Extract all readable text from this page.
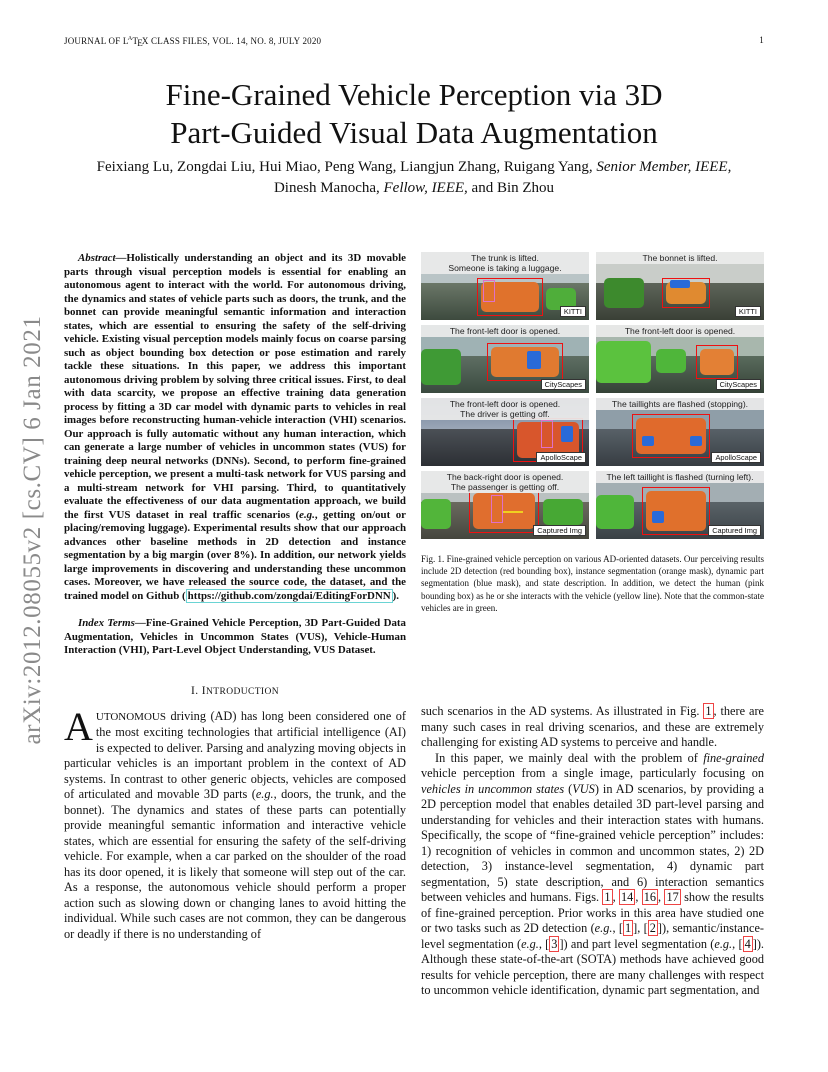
JOURNAL OF $L^AT_EX$ CLASS FILES, VOL. 14, NO. 8, JULY 2020	1
Fine-Grained Vehicle Perception via 3D
Part-Guided Visual Data Augmentation
Feixiang Lu, Zongdai Liu, Hui Miao, Peng Wang, Liangjun Zhang, Ruigang Yang, Senior Member, IEEE,
Dinesh Manocha, Fellow, IEEE, and Bin Zhou
arXiv:2012.08055v2 [cs.CV] 6 Jan 2021
Abstract—Holistically understanding an object and its 3D movable parts through visual perception models is essential for enabling an autonomous agent to interact with the world. For autonomous driving, the dynamics and states of vehicle parts such as doors, the trunk, and the bonnet can provide meaningful semantic information and interaction states, which are essential to ensuring the safety of the self-driving vehicle. Existing visual perception models mainly focus on coarse parsing such as object bounding box detection or pose estimation and rarely tackle these situations. In this paper, we address this important autonomous driving problem by solving three critical issues. First, to deal with data scarcity, we propose an effective training data generation process by fitting a 3D car model with dynamic parts to vehicles in real images before reconstructing human-vehicle interaction (VHI) scenarios. Our approach is fully automatic without any human interaction, which can generate a large number of vehicles in uncommon states (VUS) for training deep neural networks (DNNs). Second, to perform fine-grained vehicle perception, we present a multi-task network for VUS parsing and a multi-stream network for VHI parsing. Third, to quantitatively evaluate the effectiveness of our data augmentation approach, we build the first VUS dataset in real traffic scenarios (e.g., getting on/out or placing/removing luggage). Experimental results show that our approach advances other baseline methods in 2D detection and instance segmentation by a big margin (over 8%). In addition, our network yields large improvements in discovering and understanding these uncommon cases. Moreover, we have released the source code, the dataset, and the trained model on Github ( https://github.com/zongdai/EditingForDNN ).
Index Terms—Fine-Grained Vehicle Perception, 3D Part-Guided Data Augmentation, Vehicles in Uncommon States (VUS), Vehicle-Human Interaction (VHI), Part-Level Object Understanding, VUS Dataset.
I. INTRODUCTION
AUTONOMOUS driving (AD) has long been considered one of the most exciting technologies that artificial intelligence (AI) is expected to deliver. Parsing and analyzing moving objects in particular vehicles is an important problem in the context of AD systems. In contrast to other generic objects, vehicles are composed of articulated and movable 3D parts (e.g., doors, the trunk, and the bonnet). The dynamics and states of these parts can potentially provide meaningful semantic information and interactive vehicle states, which are essential for ensuring the safety of the self-driving vehicle. For example, when a car parked on the shoulder of the road has its door opened, it is likely that someone will step out of the car. As a response, the autonomous vehicle should perform a proper action such as slowing down or changing lanes to avoid hitting the individual. While such cases are not common, they can be dangerous or deadly if there is no understanding of
The trunk is lifted.
Someone is taking a luggage.
KITTI
The bonnet is lifted.
KITTI
The front-left door is opened.
CityScapes
The front-left door is opened.
CityScapes
The front-left door is opened.
The driver is getting off.
ApolloScape
The taillights are flashed (stopping).
ApolloScape
The back-right door is opened.
The passenger is getting off.
Captured Img
The left taillight is flashed (turning left).
Captured Img
Fig. 1. Fine-grained vehicle perception on various AD-oriented datasets. Our perceiving results include 2D detection (red bounding box), instance segmentation (orange mask), dynamic part segmentation (blue mask), and state description. In addition, we detect the human (pink bounding box) as he or she interacts with the vehicle (yellow line). Note that the common-state vehicles are in green.

such scenarios in the AD systems. As illustrated in Fig. 1 , there are many such cases in real driving scenarios, and these are extremely challenging for existing AD systems to perceive and handle.

In this paper, we mainly deal with the problem of fine-grained vehicle perception from a single image, particularly focusing on vehicles in uncommon states (VUS) in AD scenarios, by providing a 2D perception model that enables detailed 3D part-level parsing and understanding for vehicles and their interaction states with humans. Specifically, the scope of “fine-grained vehicle perception” includes: 1) recognition of vehicles in common and uncommon states, 2) 2D detection, 3) instance-level segmentation, 4) dynamic part segmentation, 5) state description, and 6) interaction semantics between vehicles and humans. Figs. 1 , 14 , 16 , 17 show the results of fine-grained perception. Prior works in this area have studied one or two tasks such as 2D detection (e.g., [ 1 ], [ 2 ]), semantic/instance-level segmentation (e.g., [ 3 ]) and part level segmentation (e.g., [ 4 ]). Although these state-of-the-art (SOTA) methods have achieved good results for vehicle perception, there are many challenges with respect to uncommon vehicle identification, dynamic part segmentation, and
